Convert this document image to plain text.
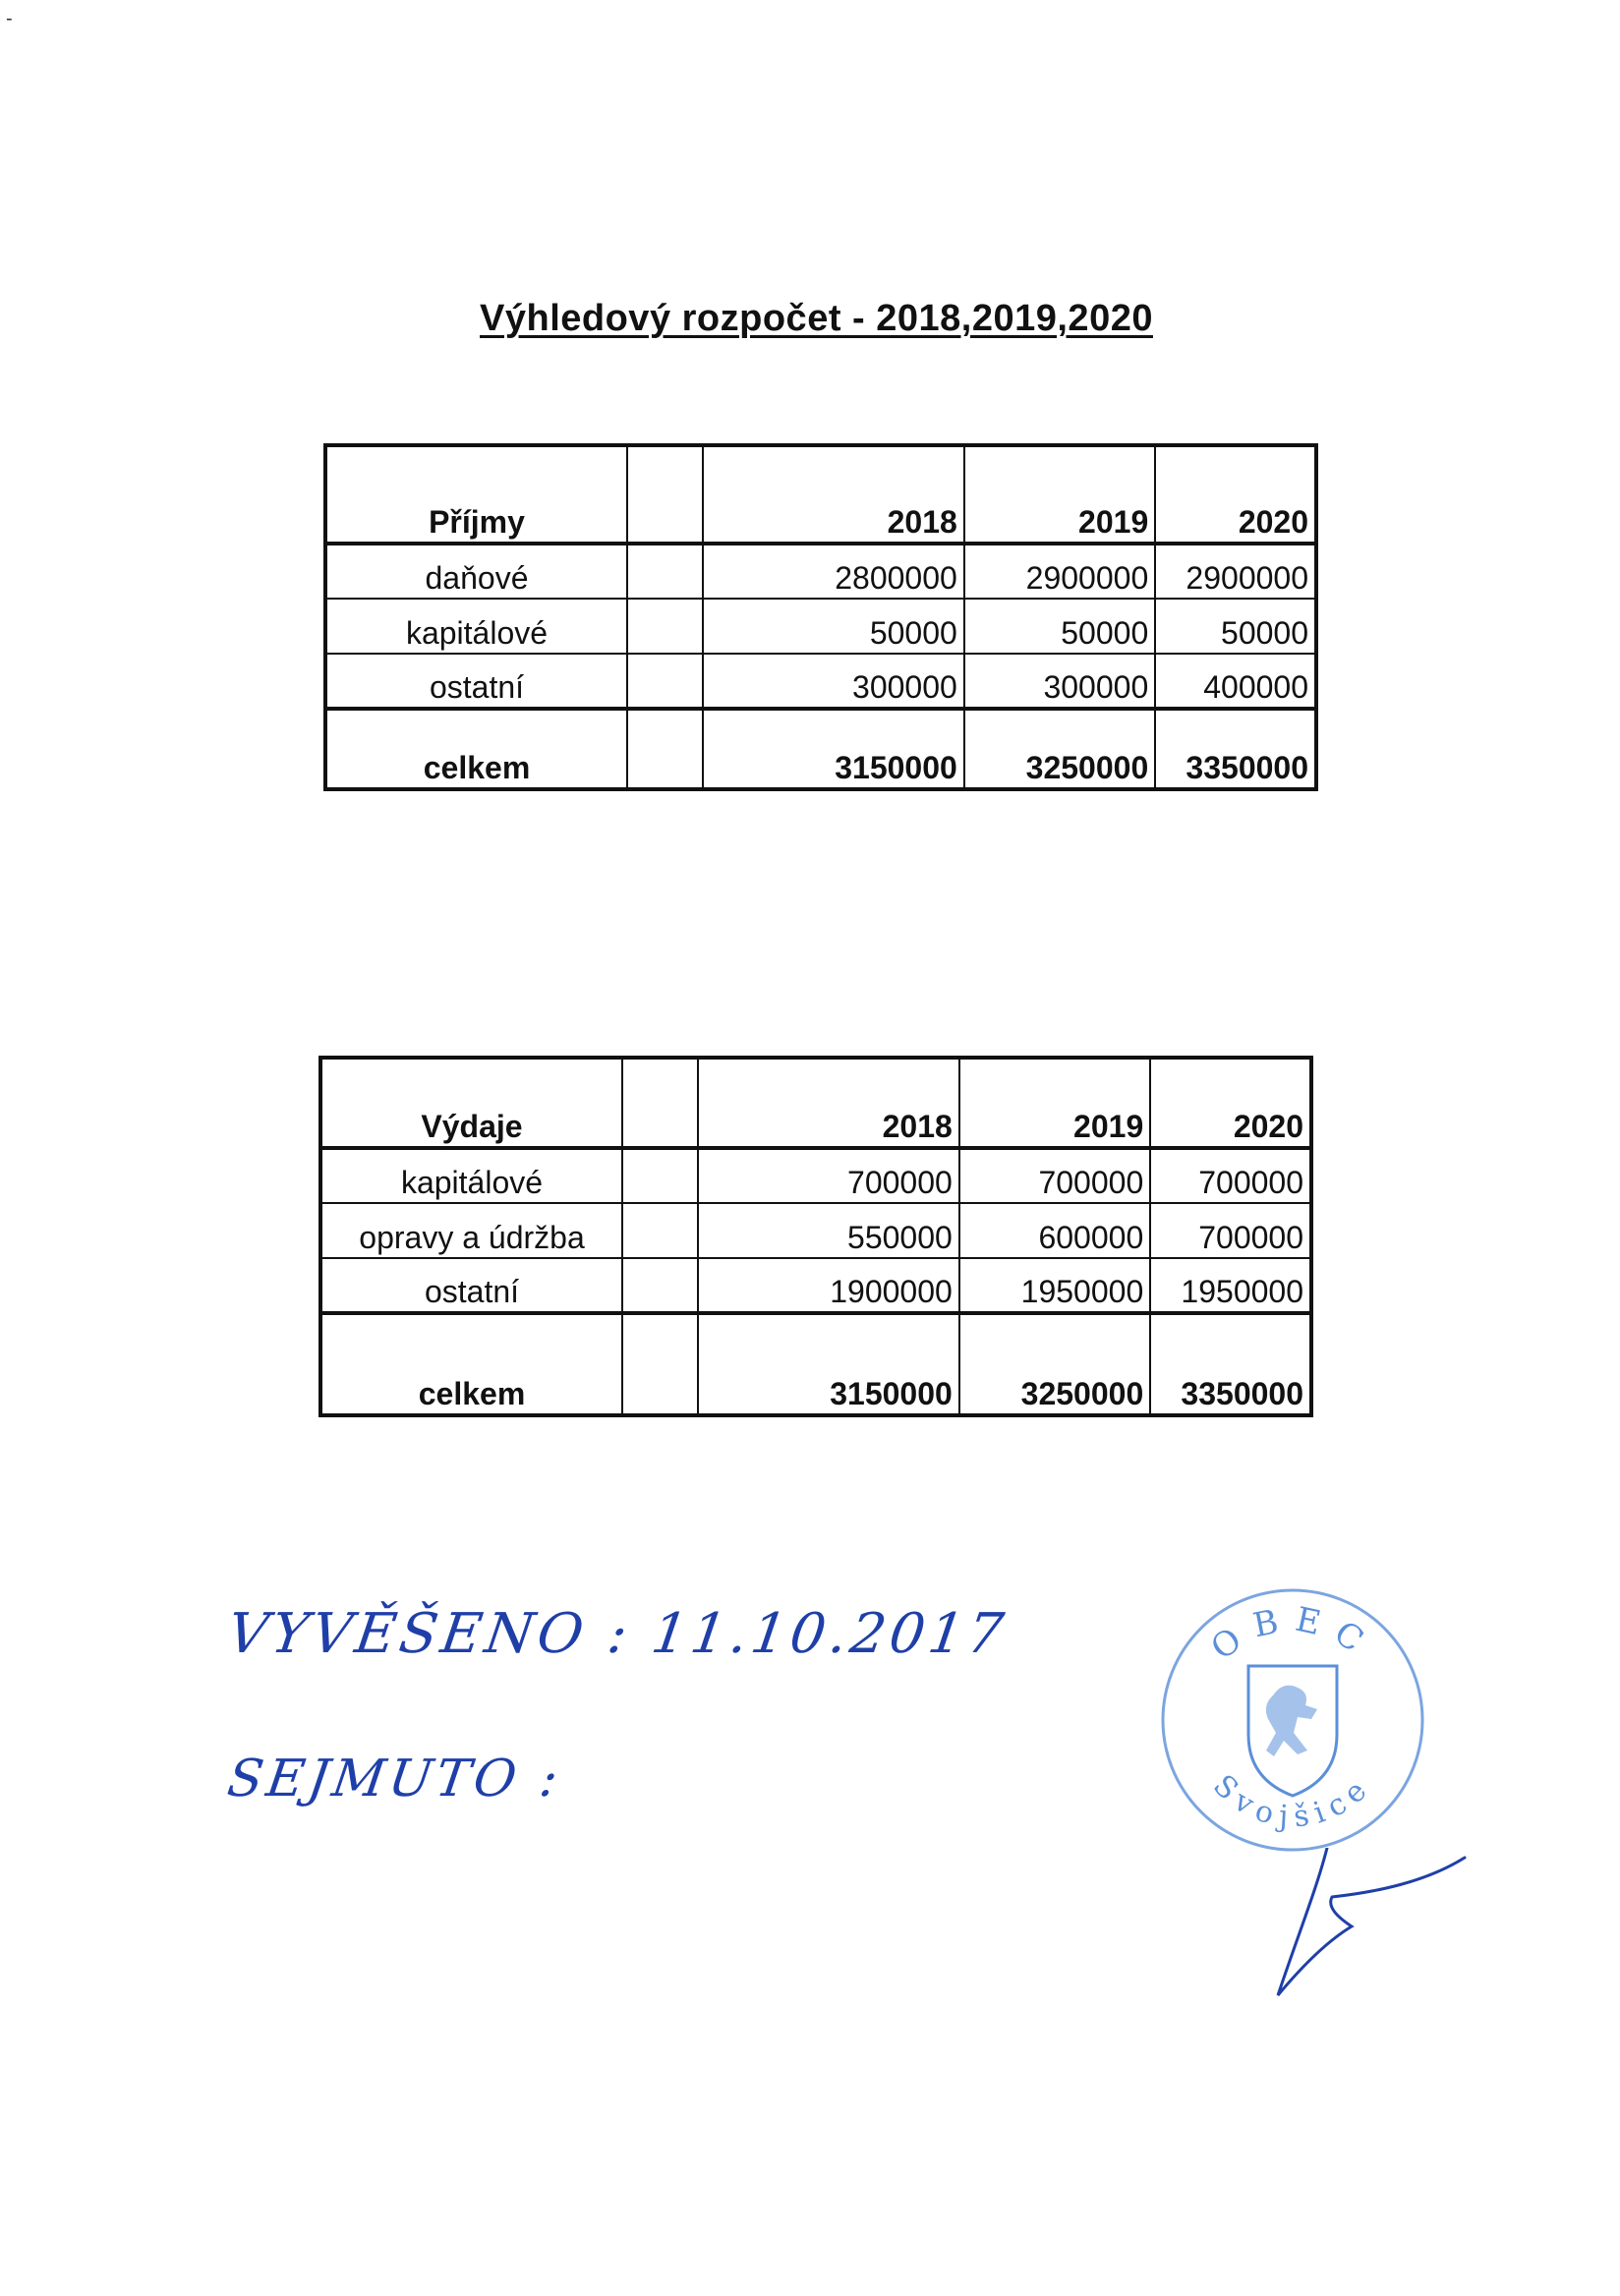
-
Výhledový rozpočet - 2018,2019,2020
Příjmy		2018	2019	2020
daňové		2800000	2900000	2900000
kapitálové		50000	50000	50000
ostatní		300000	300000	400000
celkem		3150000	3250000	3350000
Výdaje		2018	2019	2020
kapitálové		700000	700000	700000
opravy a údržba		550000	600000	700000
ostatní		1900000	1950000	1950000
celkem		3150000	3250000	3350000
VYVĚŠENO : 11.10.2017
SEJMUTO :
OBEC
Svojšice
